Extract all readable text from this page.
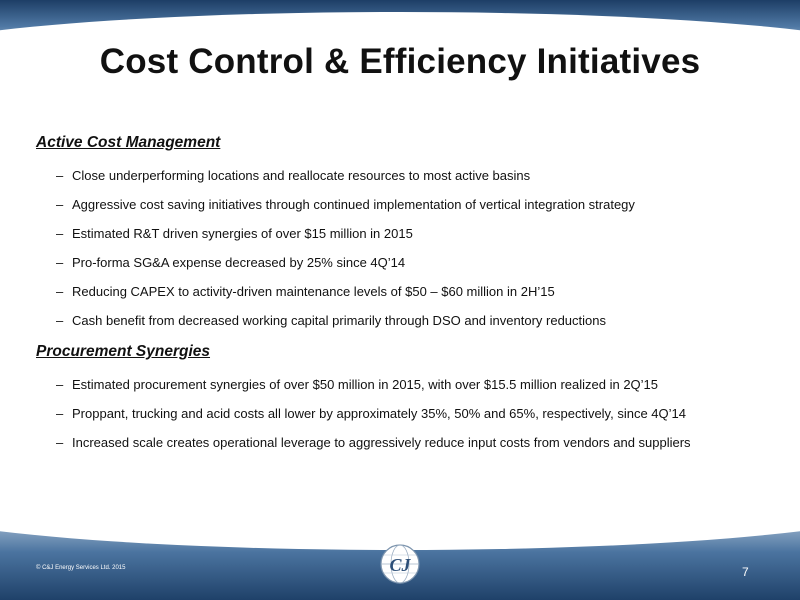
Cost Control & Efficiency Initiatives

Active Cost Management

– Close underperforming locations and reallocate resources to most active basins
– Aggressive cost saving initiatives through continued implementation of vertical integration strategy
– Estimated R&T driven synergies of over $15 million in 2015
– Pro-forma SG&A expense decreased by 25% since 4Q’14
– Reducing CAPEX to activity-driven maintenance levels of $50 – $60 million in 2H’15
– Cash benefit from decreased working capital primarily through DSO and inventory reductions

Procurement Synergies

– Estimated procurement synergies of over $50 million in 2015, with over $15.5 million realized in 2Q’15
– Proppant, trucking and acid costs all lower by approximately 35%, 50% and 65%, respectively, since 4Q’14
– Increased scale creates operational leverage to aggressively reduce input costs from vendors and suppliers
CJ
© C&J Energy Services Ltd. 2015	7
